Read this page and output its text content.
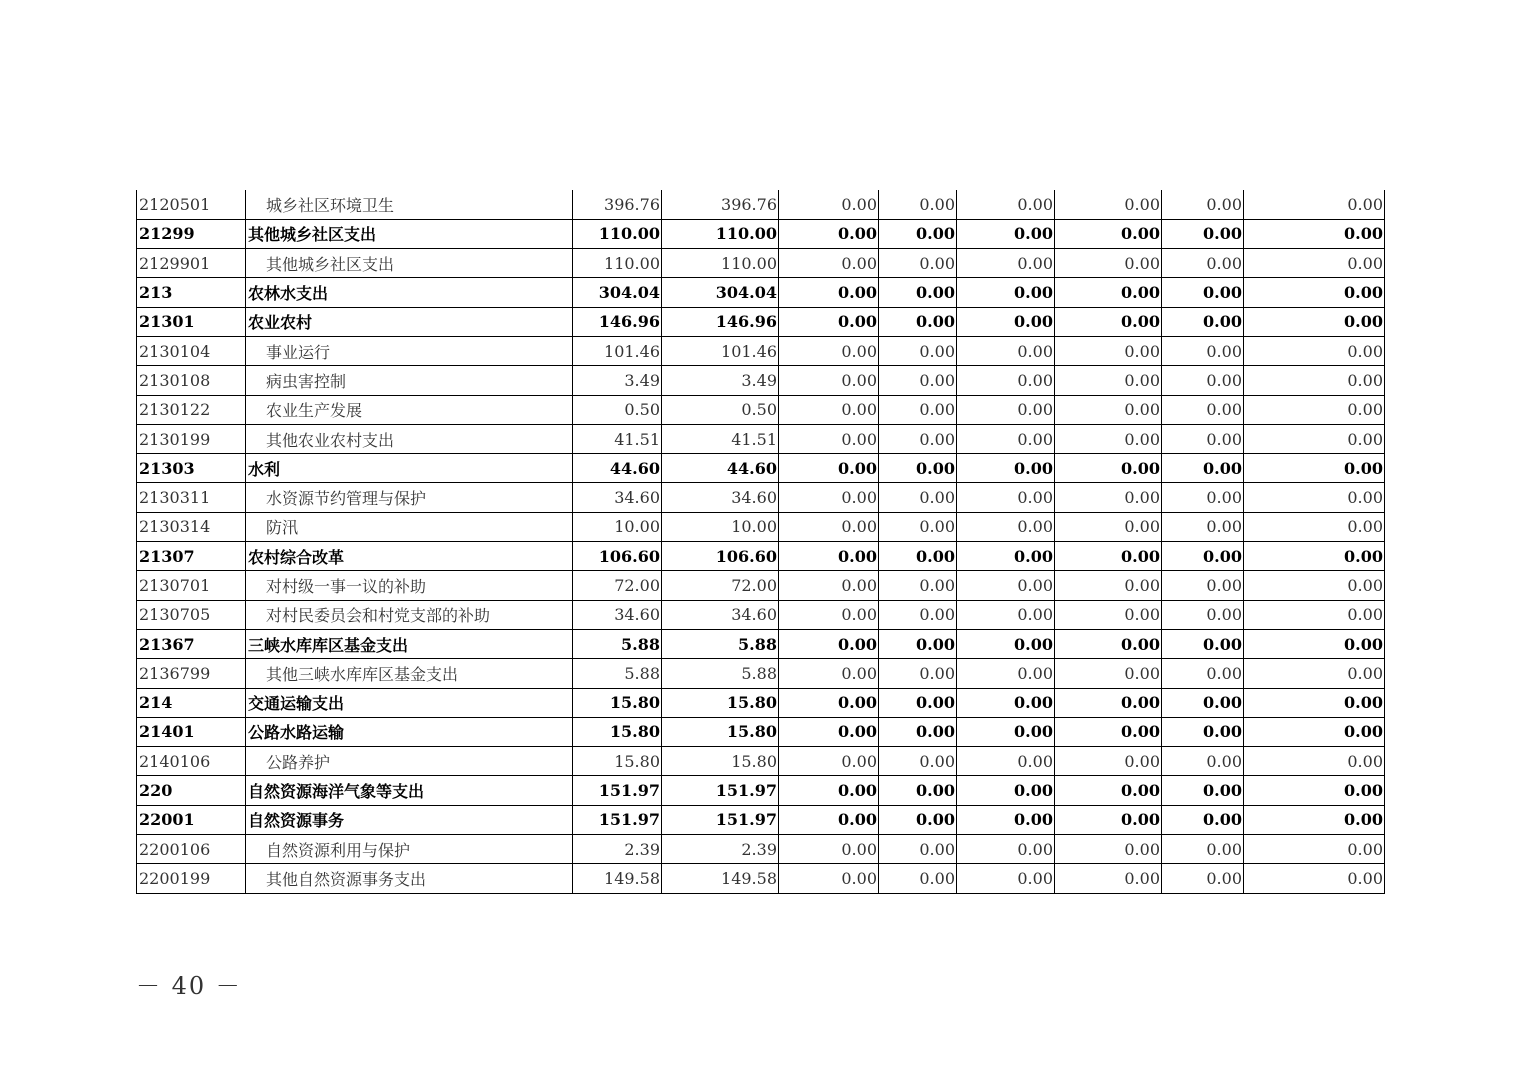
2120501	城乡社区环境卫生	396.76	396.76	0.00	0.00	0.00	0.00	0.00	0.00
21299	其他城乡社区支出	110.00	110.00	0.00	0.00	0.00	0.00	0.00	0.00
2129901	其他城乡社区支出	110.00	110.00	0.00	0.00	0.00	0.00	0.00	0.00
213	农林水支出	304.04	304.04	0.00	0.00	0.00	0.00	0.00	0.00
21301	农业农村	146.96	146.96	0.00	0.00	0.00	0.00	0.00	0.00
2130104	事业运行	101.46	101.46	0.00	0.00	0.00	0.00	0.00	0.00
2130108	病虫害控制	3.49	3.49	0.00	0.00	0.00	0.00	0.00	0.00
2130122	农业生产发展	0.50	0.50	0.00	0.00	0.00	0.00	0.00	0.00
2130199	其他农业农村支出	41.51	41.51	0.00	0.00	0.00	0.00	0.00	0.00
21303	水利	44.60	44.60	0.00	0.00	0.00	0.00	0.00	0.00
2130311	水资源节约管理与保护	34.60	34.60	0.00	0.00	0.00	0.00	0.00	0.00
2130314	防汛	10.00	10.00	0.00	0.00	0.00	0.00	0.00	0.00
21307	农村综合改革	106.60	106.60	0.00	0.00	0.00	0.00	0.00	0.00
2130701	对村级一事一议的补助	72.00	72.00	0.00	0.00	0.00	0.00	0.00	0.00
2130705	对村民委员会和村党支部的补助	34.60	34.60	0.00	0.00	0.00	0.00	0.00	0.00
21367	三峡水库库区基金支出	5.88	5.88	0.00	0.00	0.00	0.00	0.00	0.00
2136799	其他三峡水库库区基金支出	5.88	5.88	0.00	0.00	0.00	0.00	0.00	0.00
214	交通运输支出	15.80	15.80	0.00	0.00	0.00	0.00	0.00	0.00
21401	公路水路运输	15.80	15.80	0.00	0.00	0.00	0.00	0.00	0.00
2140106	公路养护	15.80	15.80	0.00	0.00	0.00	0.00	0.00	0.00
220	自然资源海洋气象等支出	151.97	151.97	0.00	0.00	0.00	0.00	0.00	0.00
22001	自然资源事务	151.97	151.97	0.00	0.00	0.00	0.00	0.00	0.00
2200106	自然资源利用与保护	2.39	2.39	0.00	0.00	0.00	0.00	0.00	0.00
2200199	其他自然资源事务支出	149.58	149.58	0.00	0.00	0.00	0.00	0.00	0.00
－ 40 －
